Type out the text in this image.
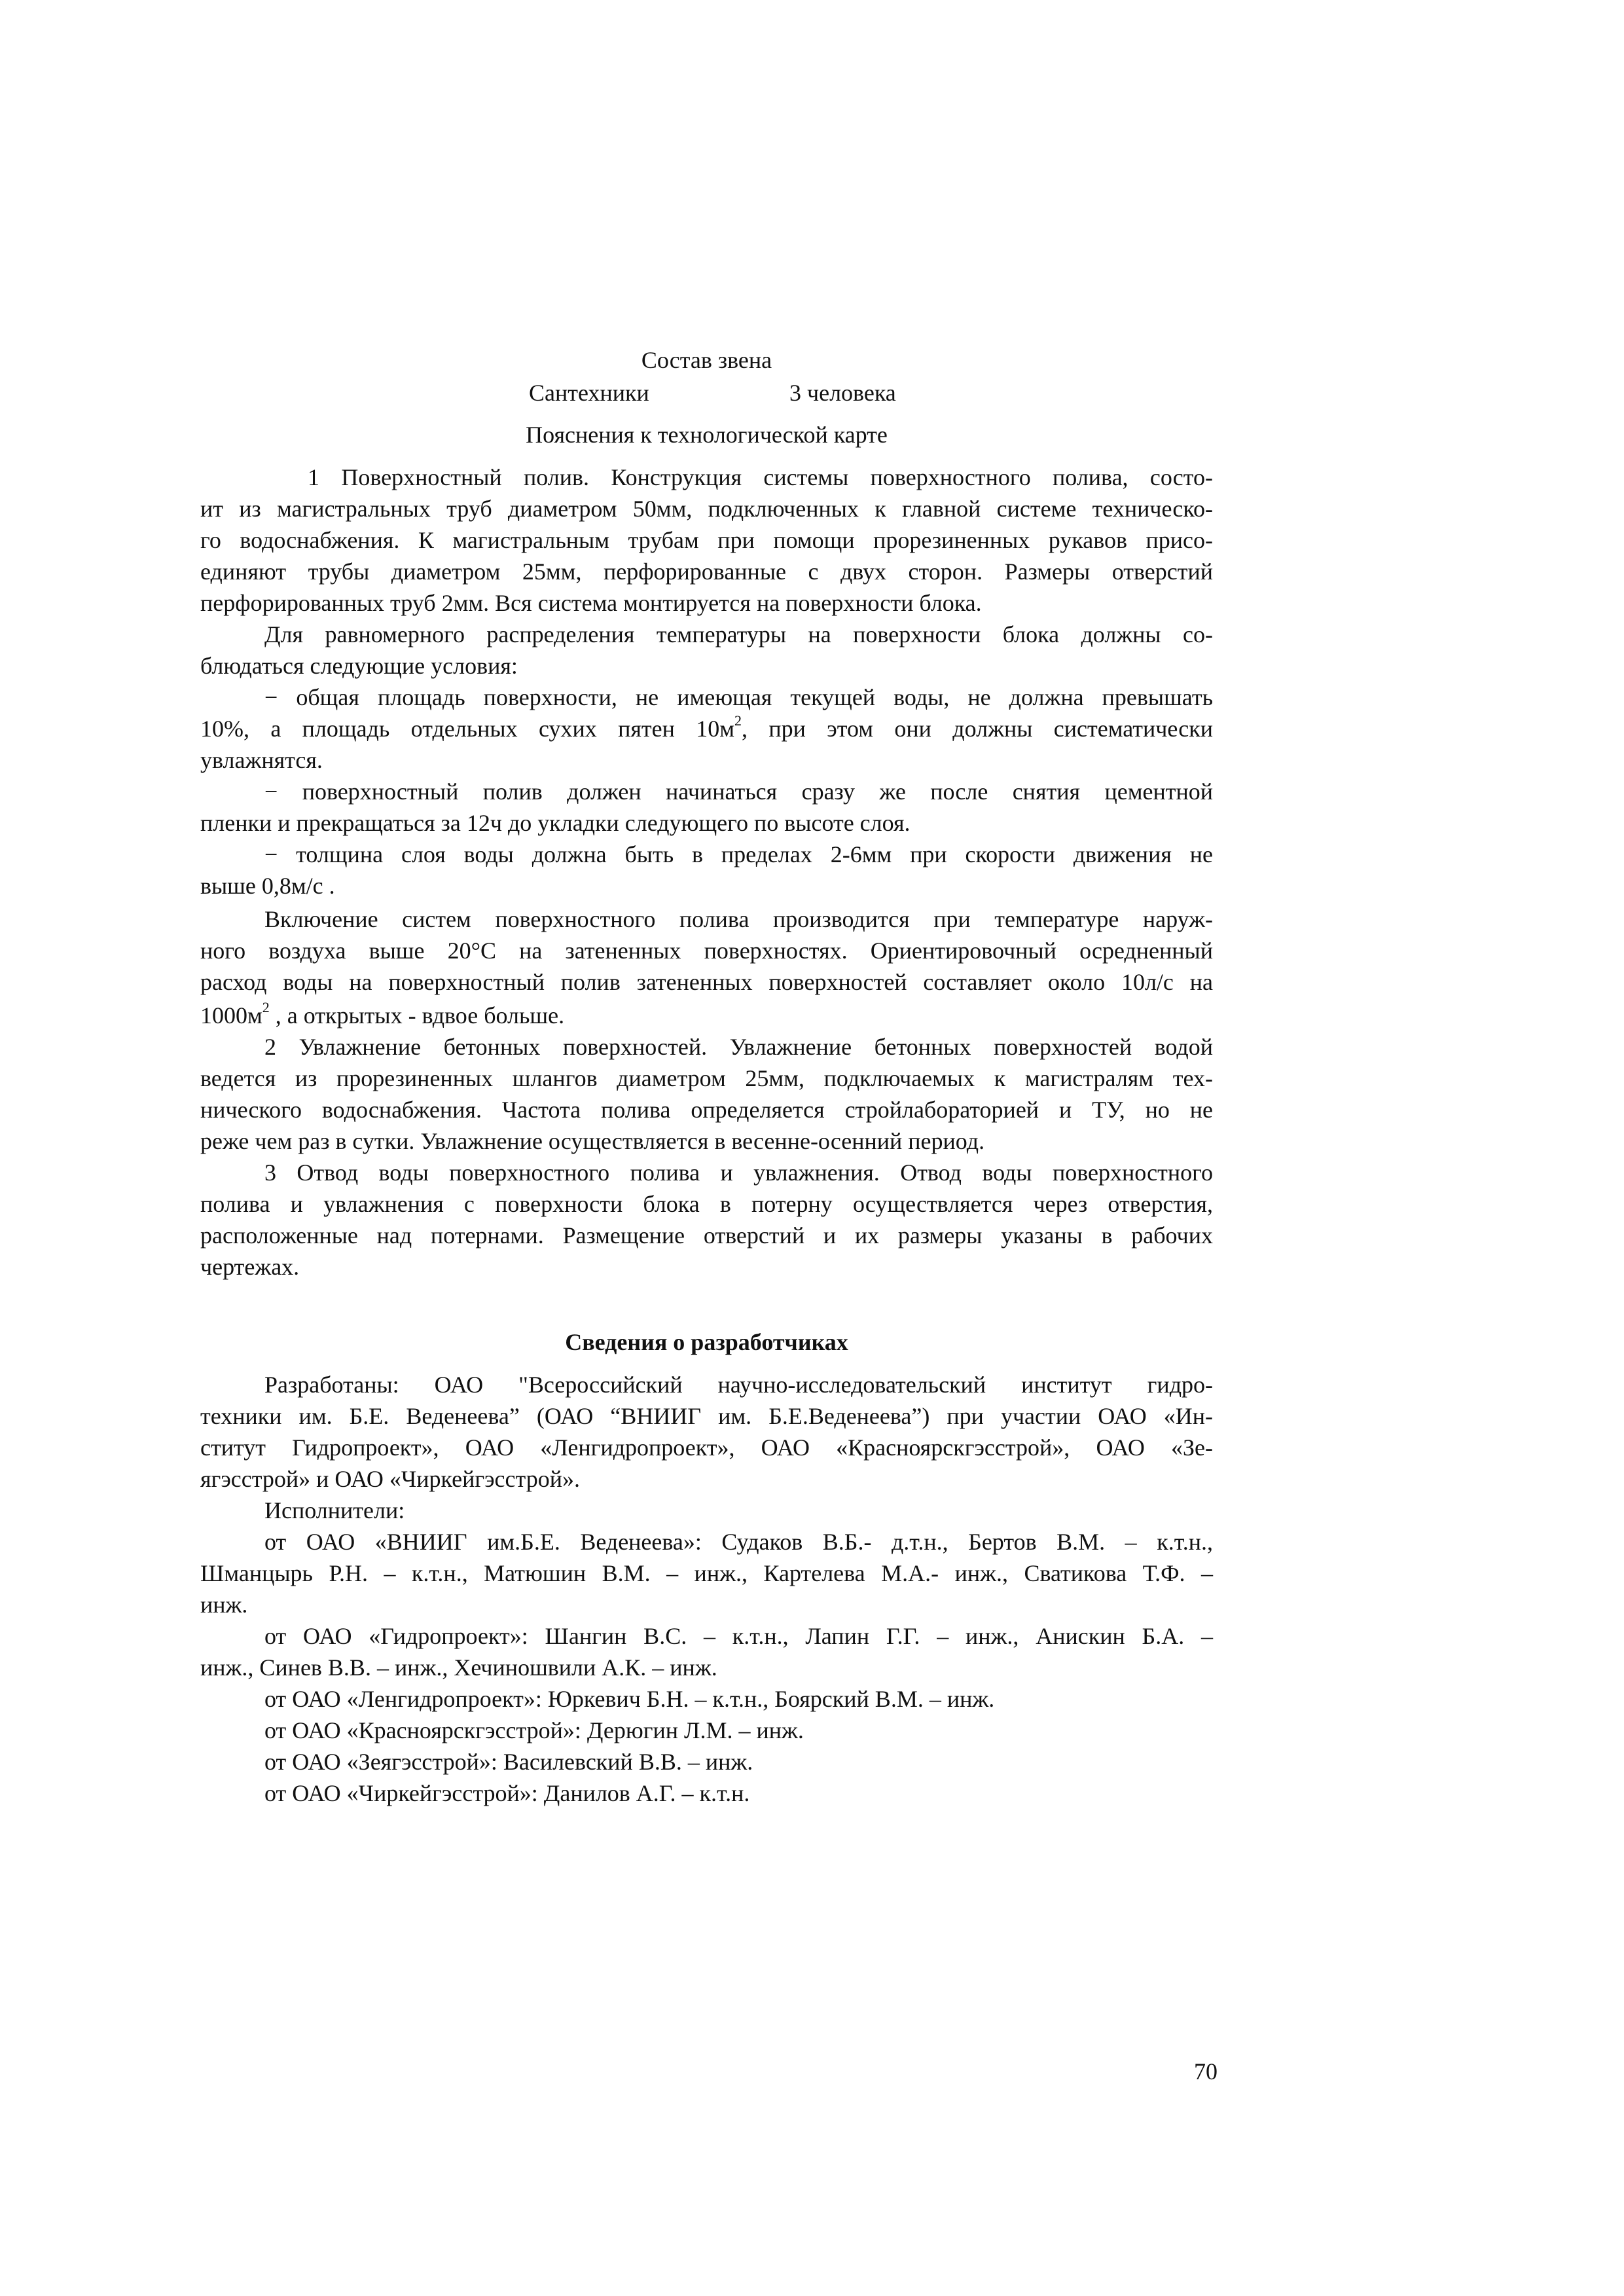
Состав звена
Сантехники	3 человека
Пояснения к технологической карте
1 Поверхностный полив. Конструкция системы поверхностного полива, состо-
ит из магистральных труб диаметром 50мм, подключенных к главной системе техническо-
го водоснабжения. К магистральным трубам при помощи прорезиненных рукавов присо-
единяют трубы диаметром 25мм, перфорированные с двух сторон. Размеры отверстий
перфорированных труб 2мм. Вся система монтируется на поверхности блока.
Для равномерного распределения температуры на поверхности блока должны со-
блюдаться следующие условия:
− общая площадь поверхности, не имеющая текущей воды, не должна превышать
10%, а площадь отдельных сухих пятен $10м^2$, при этом они должны систематически
увлажнятся.
− поверхностный полив должен начинаться сразу же после снятия цементной
пленки и прекращаться за 12ч до укладки следующего по высоте слоя.
− толщина слоя воды должна быть в пределах 2-6мм при скорости движения не
выше 0,8м/с .
Включение систем поверхностного полива производится при температуре наруж-
ного воздуха выше 20°С на затененных поверхностях. Ориентировочный осредненный
расход воды на поверхностный полив затененных поверхностей составляет около 10л/с на
$1000м^2$ , а открытых - вдвое больше.
2 Увлажнение бетонных поверхностей. Увлажнение бетонных поверхностей водой
ведется из прорезиненных шлангов диаметром 25мм, подключаемых к магистралям тех-
нического водоснабжения. Частота полива определяется стройлабораторией и ТУ, но не
реже чем раз в сутки. Увлажнение осуществляется в весенне-осенний период.
3 Отвод воды поверхностного полива и увлажнения. Отвод воды поверхностного
полива и увлажнения с поверхности блока в потерну осуществляется через отверстия,
расположенные над потернами. Размещение отверстий и их размеры указаны в рабочих
чертежах.
Сведения о разработчиках
Разработаны: ОАО "Всероссийский научно-исследовательский институт гидро-
техники им. Б.Е. Веденеева” (ОАО “ВНИИГ им. Б.Е.Веденеева”) при участии ОАО «Ин-
ститут Гидропроект», ОАО «Ленгидропроект», ОАО «Красноярскгэсстрой», ОАО «Зе-
ягэсстрой» и ОАО «Чиркейгэсстрой».
Исполнители:
от ОАО «ВНИИГ им.Б.Е. Веденеева»: Судаков В.Б.- д.т.н., Бертов В.М. – к.т.н.,
Шманцырь Р.Н. – к.т.н., Матюшин В.М. – инж., Картелева М.А.- инж., Сватикова Т.Ф. –
инж.
от ОАО «Гидропроект»: Шангин В.С. – к.т.н., Лапин Г.Г. – инж., Анискин Б.А. –
инж., Синев В.В. – инж., Хечиношвили А.К. – инж.
от ОАО «Ленгидропроект»: Юркевич Б.Н. – к.т.н., Боярский В.М. – инж.
от ОАО «Красноярскгэсстрой»: Дерюгин Л.М. – инж.
от ОАО «Зеягэсстрой»: Василевский В.В. – инж.
от ОАО «Чиркейгэсстрой»: Данилов А.Г. – к.т.н.
70
